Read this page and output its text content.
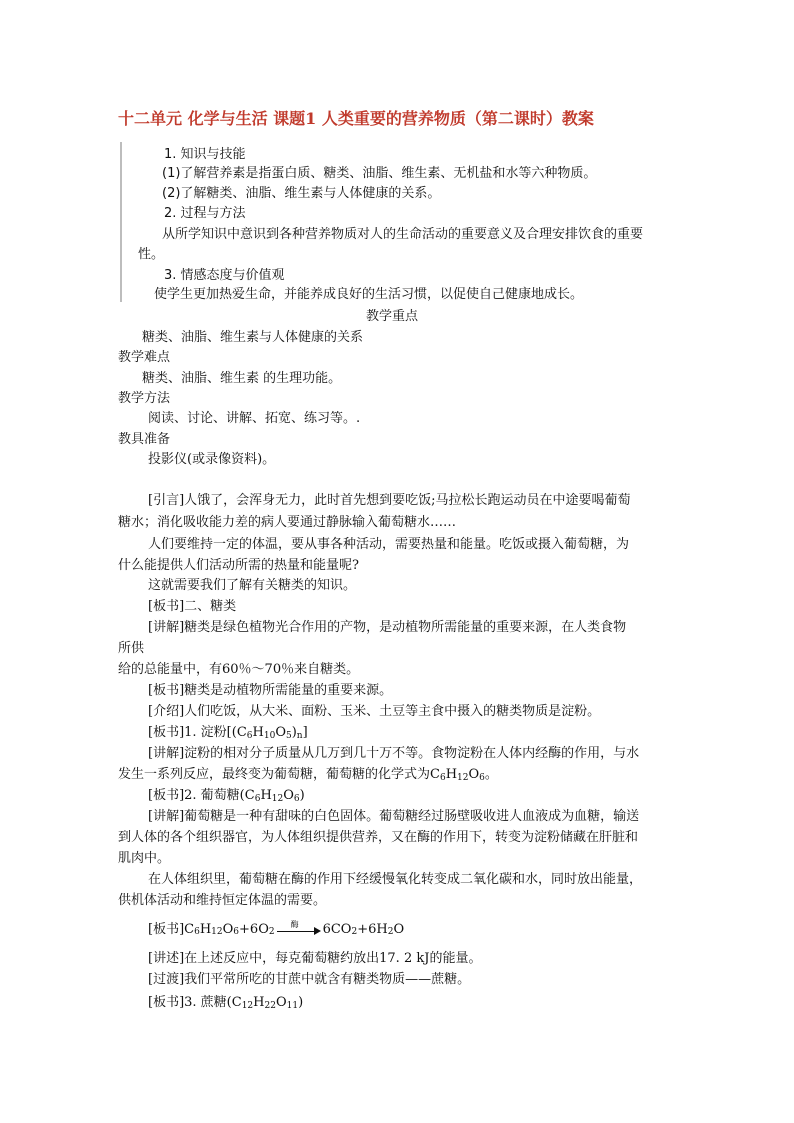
十二单元 化学与生活 课题1 人类重要的营养物质（第二课时）教案
1. 知识与技能
(1)了解营养素是指蛋白质、糖类、油脂、维生素、无机盐和水等六种物质。
(2)了解糖类、油脂、维生素与人体健康的关系。
2. 过程与方法
从所学知识中意识到各种营养物质对人的生命活动的重要意义及合理安排饮食的重要
性。
3. 情感态度与价值观
使学生更加热爱生命，并能养成良好的生活习惯，以促使自己健康地成长。
教学重点
糖类、油脂、维生素与人体健康的关系
教学难点
糖类、油脂、维生素 的生理功能。
教学方法
阅读、讨论、讲解、拓宽、练习等。.
教具准备
投影仪(或录像资料)。
[引言]人饿了，会浑身无力，此时首先想到要吃饭;马拉松长跑运动员在中途要喝葡萄
糖水；消化吸收能力差的病人要通过静脉输入葡萄糖水……
人们要维持一定的体温，要从事各种活动，需要热量和能量。吃饭或摄入葡萄糖，为
什么能提供人们活动所需的热量和能量呢?
这就需要我们了解有关糖类的知识。
[板书]二、糖类
[讲解]糖类是绿色植物光合作用的产物，是动植物所需能量的重要来源，在人类食物
所供
给的总能量中，有60％～70％来自糖类。
[板书]糖类是动植物所需能量的重要来源。
[介绍]人们吃饭，从大米、面粉、玉米、土豆等主食中摄入的糖类物质是淀粉。
[板书]1. 淀粉$[(C_6H_{10}O_5)_n]$
[讲解]淀粉的相对分子质量从几万到几十万不等。食物淀粉在人体内经酶的作用，与水
发生一系列反应，最终变为葡萄糖，葡萄糖的化学式为$C_6H_{12}O_6$。
[板书]2. 葡萄糖$(C_6H_{12}O_6)$
[讲解]葡萄糖是一种有甜味的白色固体。葡萄糖经过肠壁吸收进人血液成为血糖，输送
到人体的各个组织器官，为人体组织提供营养，又在酶的作用下，转变为淀粉储藏在肝脏和
肌肉中。
在人体组织里，葡萄糖在酶的作用下经缓慢氧化转变成二氧化碳和水，同时放出能量，
供机体活动和维持恒定体温的需要。
[板书]$C_6$ H 12 O 6 +6O 2
酶 6CO 2 +6H 2 O
[讲述]在上述反应中，每克葡萄糖约放出17. 2 kJ的能量。
[过渡]我们平常所吃的甘蔗中就含有糖类物质——蔗糖。
[板书]3. 蔗糖$(C_{12}H_{22}O_{11})$
